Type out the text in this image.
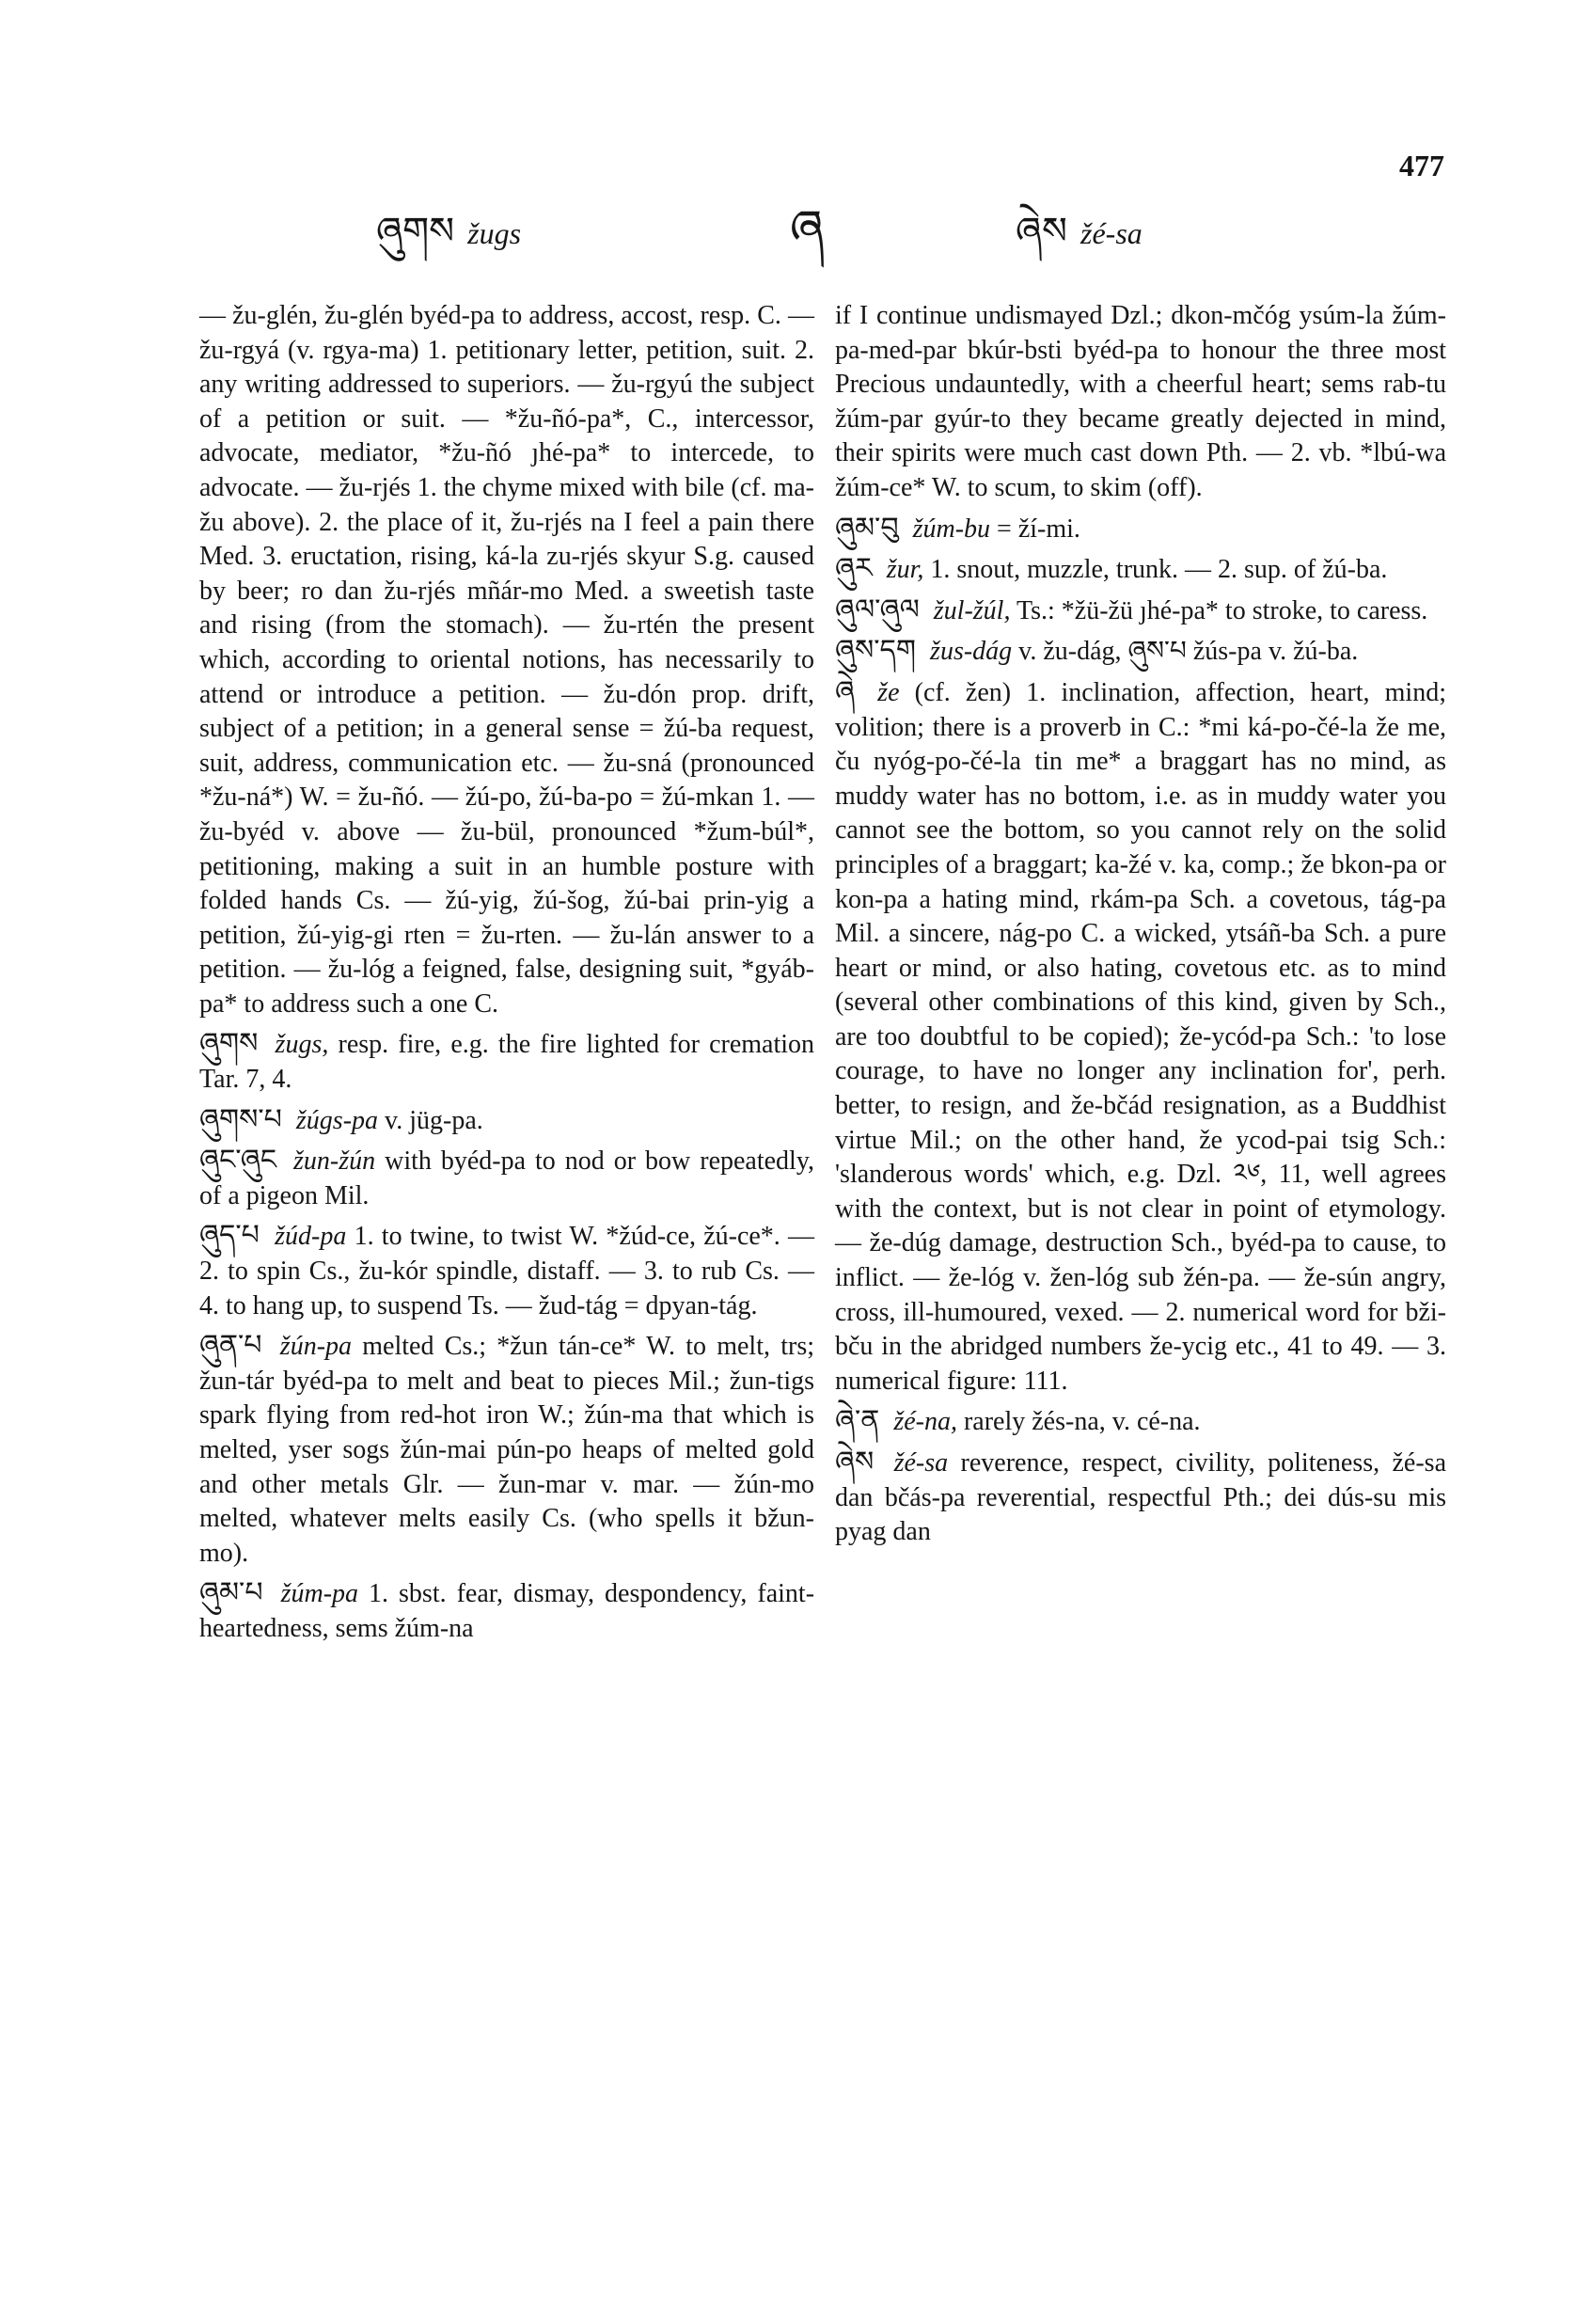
477
ཞུགས žugs	ཞ	ཞེས žé-sa

— žu-glén, žu-glén byéd-pa to address, accost, resp. C. — žu-rgyá (v. rgya-ma) 1. petitionary letter, petition, suit. 2. any writing addressed to superiors. — žu-rgyú the subject of a petition or suit. — *žu-ñó-pa*, C., intercessor, advocate, mediator, *žu-ñó ȷhé-pa* to intercede, to advocate. — žu-rjés 1. the chyme mixed with bile (cf. ma-žu above). 2. the place of it, žu-rjés na I feel a pain there Med. 3. eructation, rising, ká-la zu-rjés skyur S.g. caused by beer; ro dan žu-rjés mñár-mo Med. a sweetish taste and rising (from the stomach). — žu-rtén the present which, according to oriental notions, has necessarily to attend or introduce a petition. — žu-dón prop. drift, subject of a petition; in a general sense = žú-ba request, suit, address, communication etc. — žu-sná (pronounced *žu-ná*) W. = žu-ñó. — žú-po, žú-ba-po = žú-mkan 1. — žu-byéd v. above — žu-bül, pronounced *žum-búl*, petitioning, making a suit in an humble posture with folded hands Cs. — žú-yig, žú-šog, žú-bai prin-yig a petition, žú-yig-gi rten = žu-rten. — žu-lán answer to a petition. — žu-lóg a feigned, false, designing suit, *gyáb-pa* to address such a one C.

ཞུགས žugs, resp. fire, e.g. the fire lighted for cremation Tar. 7, 4.

ཞུགས་པ žúgs-pa v. jüg-pa.

ཞུང་ཞུང žun-žún with byéd-pa to nod or bow repeatedly, of a pigeon Mil.

ཞུད་པ žúd-pa 1. to twine, to twist W. *žúd-ce, žú-ce*. — 2. to spin Cs., žu-kór spindle, distaff. — 3. to rub Cs. — 4. to hang up, to suspend Ts. — žud-tág = dpyan-tág.

ཞུན་པ žún-pa melted Cs.; *žun tán-ce* W. to melt, trs; žun-tár byéd-pa to melt and beat to pieces Mil.; žun-tigs spark flying from red-hot iron W.; žún-ma that which is melted, yser sogs žún-mai pún-po heaps of melted gold and other metals Glr. — žun-mar v. mar. — žún-mo melted, whatever melts easily Cs. (who spells it bžun-mo).

ཞུམ་པ žúm-pa 1. sbst. fear, dismay, despondency, faint-heartedness, sems žúm-na

if I continue undismayed Dzl.; dkon-mčóg ysúm-la žúm-pa-med-par bkúr-bsti byéd-pa to honour the three most Precious undauntedly, with a cheerful heart; sems rab-tu žúm-par gyúr-to they became greatly dejected in mind, their spirits were much cast down Pth. — 2. vb. *lbú-wa žúm-ce* W. to scum, to skim (off).

ཞུམ་བུ žúm-bu = ží-mi.

ཞུར žur, 1. snout, muzzle, trunk. — 2. sup. of žú-ba.

ཞུལ་ཞུལ žul-žúl, Ts.: *žü-žü ȷhé-pa* to stroke, to caress.

ཞུས་དག žus-dág v. žu-dág, ཞུས་པ žús-pa v. žú-ba.

ཞེ že (cf. žen) 1. inclination, affection, heart, mind; volition; there is a proverb in C.: *mi ká-po-čé-la že me, ču nyóg-po-čé-la tin me* a braggart has no mind, as muddy water has no bottom, i.e. as in muddy water you cannot see the bottom, so you cannot rely on the solid principles of a braggart; ka-žé v. ka, comp.; že bkon-pa or kon-pa a hating mind, rkám-pa Sch. a covetous, tág-pa Mil. a sincere, nág-po C. a wicked, ytsáñ-ba Sch. a pure heart or mind, or also hating, covetous etc. as to mind (several other combinations of this kind, given by Sch., are too doubtful to be copied); že-ycód-pa Sch.: 'to lose courage, to have no longer any inclination for', perh. better, to resign, and že-bčád resignation, as a Buddhist virtue Mil.; on the other hand, že ycod-pai tsig Sch.: 'slanderous words' which, e.g. Dzl. ༢༦, 11, well agrees with the context, but is not clear in point of etymology. — že-dúg damage, destruction Sch., byéd-pa to cause, to inflict. — že-lóg v. žen-lóg sub žén-pa. — že-sún angry, cross, ill-humoured, vexed. — 2. numerical word for bži-bču in the abridged numbers že-ycig etc., 41 to 49. — 3. numerical figure: 111.

ཞེ་ན žé-na, rarely žés-na, v. cé-na.

ཞེས žé-sa reverence, respect, civility, politeness, žé-sa dan bčás-pa reverential, respectful Pth.; dei dús-su mis pyag dan
